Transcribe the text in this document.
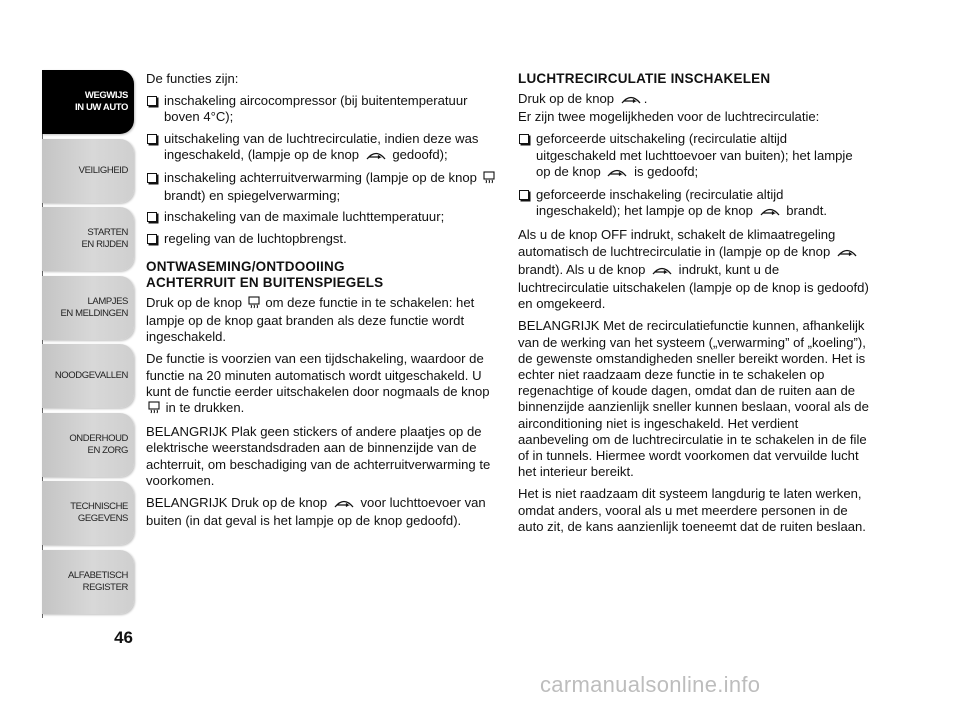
WEGWIJS
IN UW AUTO
VEILIGHEID
STARTEN
EN RIJDEN
LAMPJES
EN MELDINGEN
NOODGEVALLEN
ONDERHOUD
EN ZORG
TECHNISCHE
GEGEVENS
ALFABETISCH
REGISTER
46

De functies zijn:

inschakeling aircocompressor (bij buitentemperatuur boven 4°C);
uitschakeling van de luchtrecirculatie, indien deze was ingeschakeld, (lampje op de knop  gedoofd);
inschakeling achterruitverwarming (lampje op de knop  brandt) en spiegelverwarming;
inschakeling van de maximale luchttemperatuur;
regeling van de luchtopbrengst.
ONTWASEMING/ONTDOOIING
ACHTERRUIT EN BUITENSPIEGELS

Druk op de knop  om deze functie in te schakelen: het lampje op de knop gaat branden als deze functie wordt ingeschakeld.

De functie is voorzien van een tijdschakeling, waardoor de functie na 20 minuten automatisch wordt uitgeschakeld. U kunt de functie eerder uitschakelen door nogmaals de knop  in te drukken.

BELANGRIJK Plak geen stickers of andere plaatjes op de elektrische weerstandsdraden aan de binnenzijde van de achterruit, om beschadiging van de achterruitverwarming te voorkomen.

BELANGRIJK Druk op de knop  voor luchttoevoer van buiten (in dat geval is het lampje op de knop gedoofd).

LUCHTRECIRCULATIE INSCHAKELEN

Druk op de knop .

Er zijn twee mogelijkheden voor de luchtrecirculatie:

geforceerde uitschakeling (recirculatie altijd uitgeschakeld met luchttoevoer van buiten); het lampje op de knop  is gedoofd;
geforceerde inschakeling (recirculatie altijd ingeschakeld); het lampje op de knop  brandt.

Als u de knop OFF indrukt, schakelt de klimaatregeling automatisch de luchtrecirculatie in (lampje op de knop  brandt). Als u de knop  indrukt, kunt u de luchtrecirculatie uitschakelen (lampje op de knop is gedoofd) en omgekeerd.

BELANGRIJK Met de recirculatiefunctie kunnen, afhankelijk van de werking van het systeem („verwarming” of „koeling”), de gewenste omstandigheden sneller bereikt worden. Het is echter niet raadzaam deze functie in te schakelen op regenachtige of koude dagen, omdat dan de ruiten aan de binnenzijde aanzienlijk sneller kunnen beslaan, vooral als de airconditioning niet is ingeschakeld. Het verdient aanbeveling om de luchtrecirculatie in te schakelen in de file of in tunnels. Hiermee wordt voorkomen dat vervuilde lucht het interieur bereikt.

Het is niet raadzaam dit systeem langdurig te laten werken, omdat anders, vooral als u met meerdere personen in de auto zit, de kans aanzienlijk toeneemt dat de ruiten beslaan.

carmanualsonline.info
